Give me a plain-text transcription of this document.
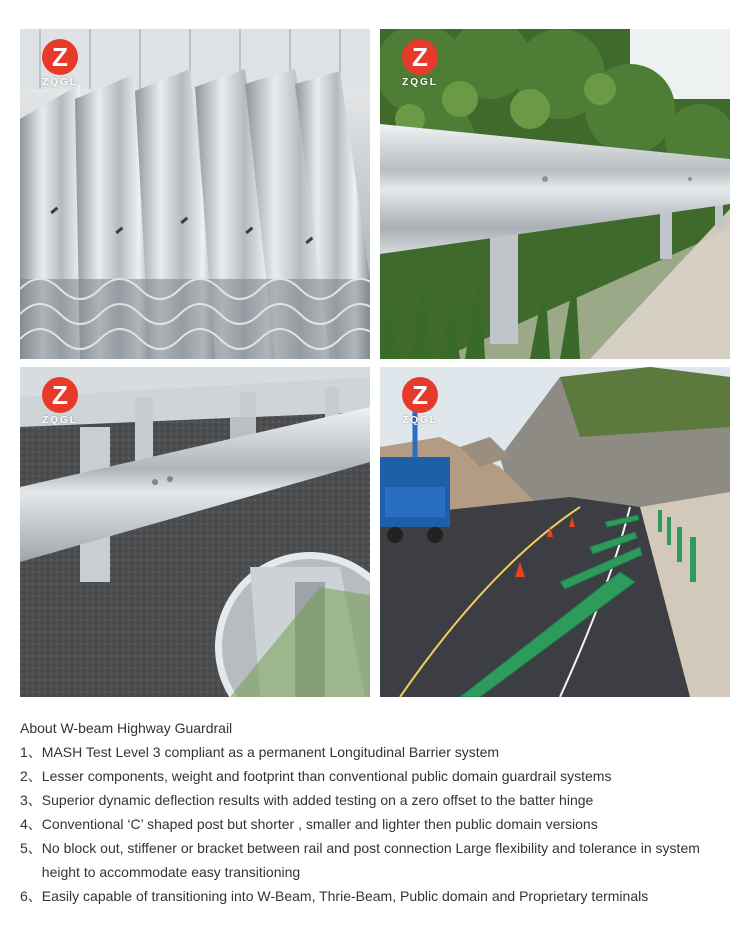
Z
ZQGL
Z
ZQGL
Z
ZQGL
Z
ZQGL
About W-beam Highway Guardrail
1、 MASH Test Level 3 compliant as a permanent Longitudinal Barrier system
2、 Lesser components, weight and footprint than conventional public domain guardrail systems
3、 Superior dynamic deflection results with added testing on a zero offset to the batter hinge
4、 Conventional ‘C’ shaped post but shorter , smaller and lighter then public domain versions
5、 No block out, stiffener or bracket between rail and post connection Large flexibility and tolerance in system height to accommodate easy transitioning
6、 Easily capable of transitioning into W-Beam, Thrie-Beam, Public domain and Proprietary terminals
